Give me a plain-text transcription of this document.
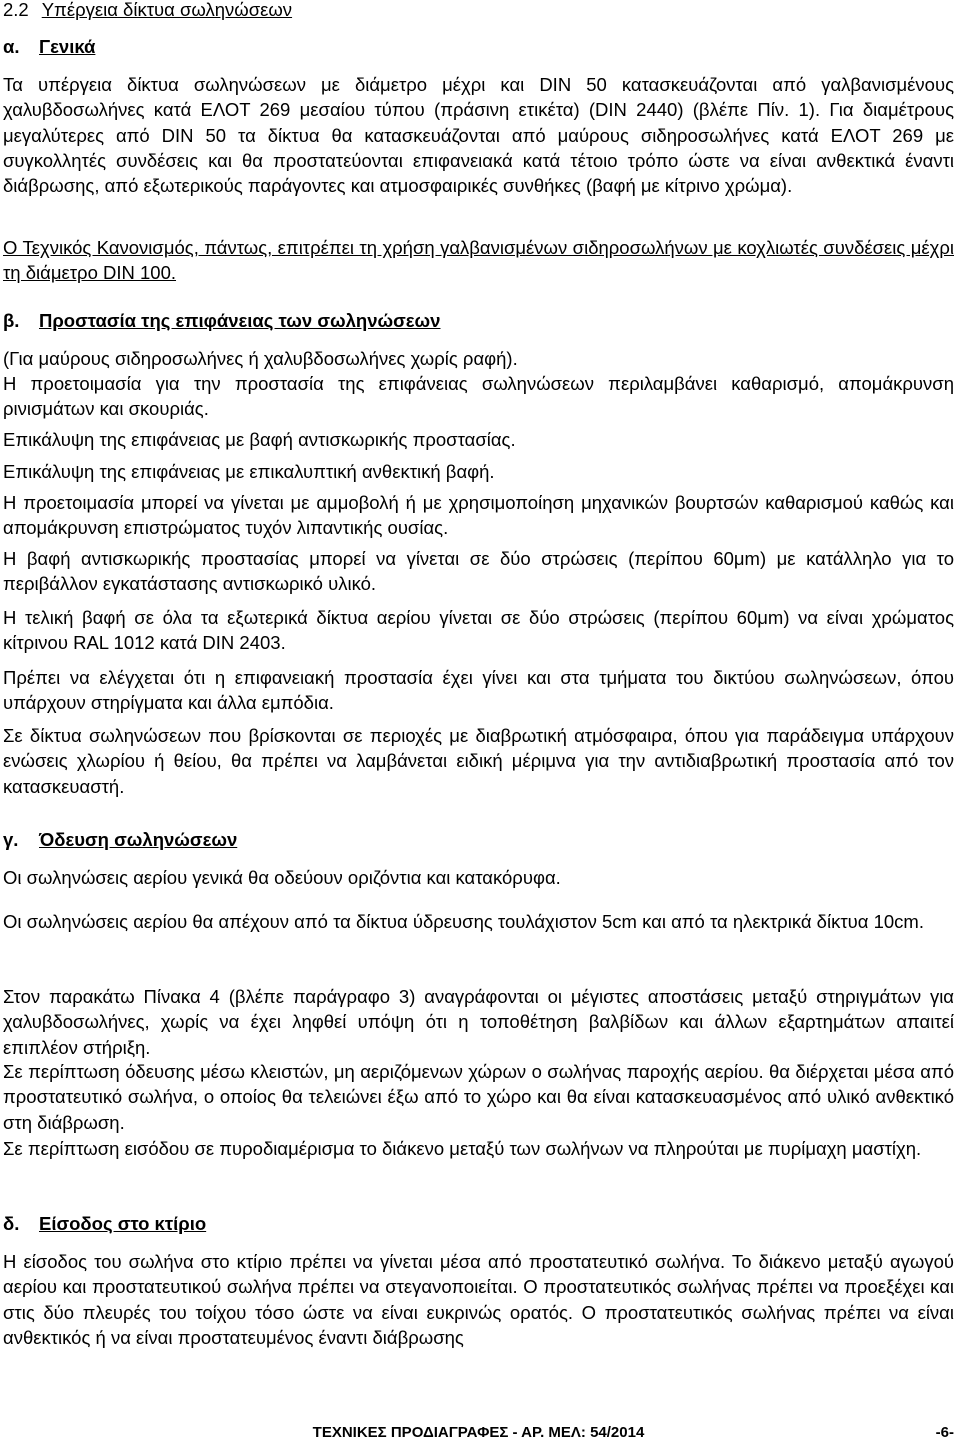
2.2 Υπέργεια δίκτυα σωληνώσεων
α. Γενικά

Τα υπέργεια δίκτυα σωληνώσεων με διάμετρο μέχρι και DIN 50 κατασκευάζονται από γαλβανισμένους χαλυβδοσωλήνες κατά ΕΛΟΤ 269 μεσαίου τύπου (πράσινη ετικέτα) (DIN 2440) (βλέπε Πίν. 1). Για διαμέτρους μεγαλύτερες από DIN 50 τα δίκτυα θα κατασκευάζονται από μαύρους σιδηροσωλήνες κατά ΕΛΟΤ 269 με συγκολλητές συνδέσεις και θα προστατεύονται επιφανειακά κατά τέτοιο τρόπο ώστε να είναι ανθεκτικά έναντι διάβρωσης, από εξωτερικούς παράγοντες και ατμοσφαιρικές συνθήκες (βαφή με κίτρινο χρώμα).

Ο Τεχνικός Κανονισμός, πάντως, επιτρέπει τη χρήση γαλβανισμένων σιδηροσωλήνων με κοχλιωτές συνδέσεις μέχρι τη διάμετρο DIN 100.

β. Προστασία της επιφάνειας των σωληνώσεων

(Για μαύρους σιδηροσωλήνες ή χαλυβδοσωλήνες χωρίς ραφή).

Η προετοιμασία για την προστασία της επιφάνειας σωληνώσεων περιλαμβάνει καθαρισμό, απομάκρυνση ρινισμάτων και σκουριάς.

Επικάλυψη της επιφάνειας με βαφή αντισκωρικής προστασίας.

Επικάλυψη της επιφάνειας με επικαλυπτική ανθεκτική βαφή.

Η προετοιμασία μπορεί να γίνεται με αμμοβολή ή με χρησιμοποίηση μηχανικών βουρτσών καθαρισμού καθώς και απομάκρυνση επιστρώματος τυχόν λιπαντικής ουσίας.

Η βαφή αντισκωρικής προστασίας μπορεί να γίνεται σε δύο στρώσεις (περίπου 60μm) με κατάλληλο για το περιβάλλον εγκατάστασης αντισκωρικό υλικό.

Η τελική βαφή σε όλα τα εξωτερικά δίκτυα αερίου γίνεται σε δύο στρώσεις (περίπου 60μm) να είναι χρώματος κίτρινου RAL 1012 κατά DIN 2403.

Πρέπει να ελέγχεται ότι η επιφανειακή προστασία έχει γίνει και στα τμήματα του δικτύου σωληνώσεων, όπου υπάρχουν στηρίγματα και άλλα εμπόδια.

Σε δίκτυα σωληνώσεων που βρίσκονται σε περιοχές με διαβρωτική ατμόσφαιρα, όπου για παράδειγμα υπάρχουν ενώσεις χλωρίου ή θείου, θα πρέπει να λαμβάνεται ειδική μέριμνα για την αντιδιαβρωτική προστασία από τον κατασκευαστή.

γ. Όδευση σωληνώσεων

Οι σωληνώσεις αερίου γενικά θα οδεύουν οριζόντια και κατακόρυφα.

Οι σωληνώσεις αερίου θα απέχουν από τα δίκτυα ύδρευσης τουλάχιστον 5cm και από τα ηλεκτρικά δίκτυα 10cm.

Στον παρακάτω Πίνακα 4 (βλέπε παράγραφο 3) αναγράφονται οι μέγιστες αποστάσεις μεταξύ στηριγμάτων για χαλυβδοσωλήνες, χωρίς να έχει ληφθεί υπόψη ότι η τοποθέτηση βαλβίδων και άλλων εξαρτημάτων απαιτεί επιπλέον στήριξη.

Σε περίπτωση όδευσης μέσω κλειστών, μη αεριζόμενων χώρων ο σωλήνας παροχής αερίου. θα διέρχεται μέσα από προστατευτικό σωλήνα, ο οποίος θα τελειώνει έξω από το χώρο και θα είναι κατασκευασμένος από υλικό ανθεκτικό στη διάβρωση.

Σε περίπτωση εισόδου σε πυροδιαμέρισμα το διάκενο μεταξύ των σωλήνων να πληρούται με πυρίμαχη μαστίχη.

δ. Είσοδος στο κτίριο

Η είσοδος του σωλήνα στο κτίριο πρέπει να γίνεται μέσα από προστατευτικό σωλήνα. Το διάκενο μεταξύ αγωγού αερίου και προστατευτικού σωλήνα πρέπει να στεγανοποιείται. Ο προστατευτικός σωλήνας πρέπει να προεξέχει και στις δύο πλευρές του τοίχου τόσο ώστε να είναι ευκρινώς ορατός. Ο προστατευτικός σωλήνας πρέπει να είναι ανθεκτικός ή να είναι προστατευμένος έναντι διάβρωσης

ΤΕΧΝΙΚΕΣ ΠΡΟΔΙΑΓΡΑΦΕΣ - ΑΡ. ΜΕΛ: 54/2014	-6-
